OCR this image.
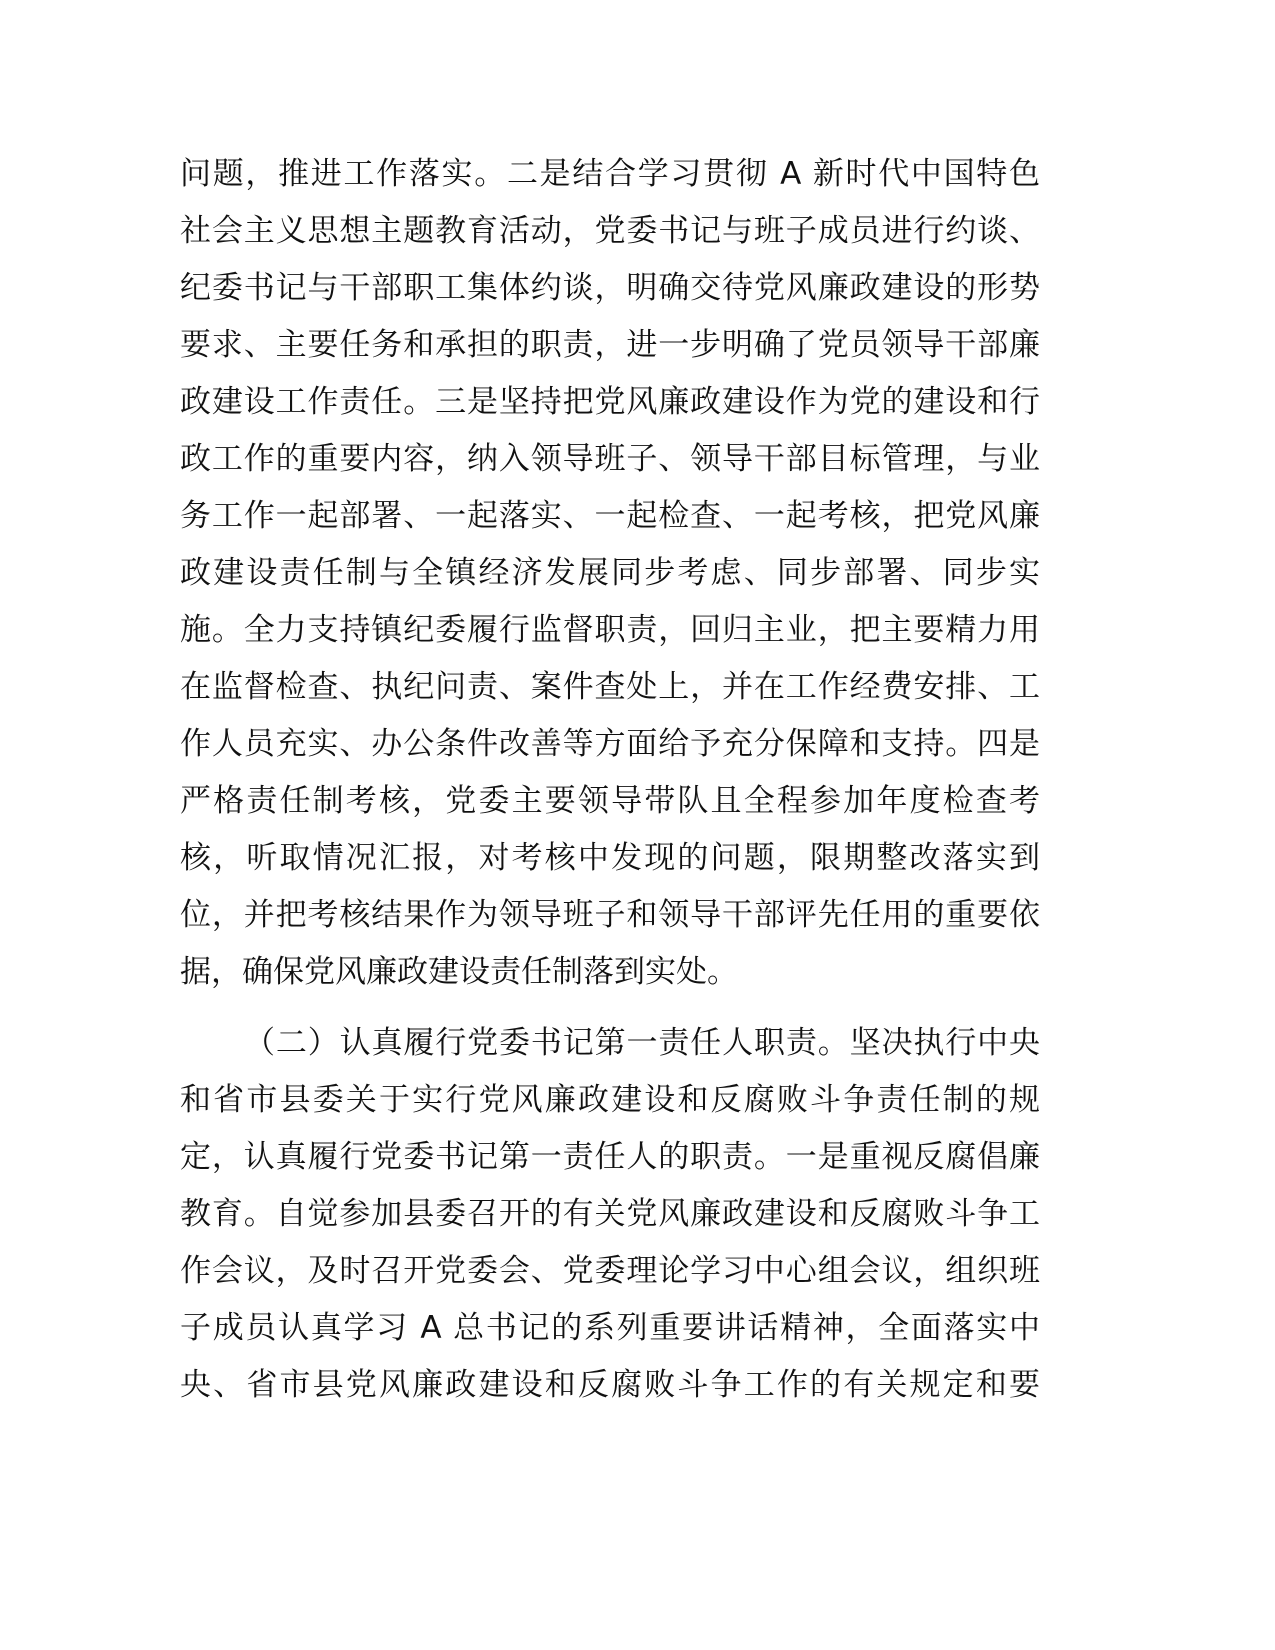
问题，推进工作落实。二是结合学习贯彻 A 新时代中国特色
社会主义思想主题教育活动，党委书记与班子成员进行约谈、
纪委书记与干部职工集体约谈，明确交待党风廉政建设的形势
要求、主要任务和承担的职责，进一步明确了党员领导干部廉
政建设工作责任。三是坚持把党风廉政建设作为党的建设和行
政工作的重要内容，纳入领导班子、领导干部目标管理，与业
务工作一起部署、一起落实、一起检查、一起考核，把党风廉
政建设责任制与全镇经济发展同步考虑、同步部署、同步实
施。全力支持镇纪委履行监督职责，回归主业，把主要精力用
在监督检查、执纪问责、案件查处上，并在工作经费安排、工
作人员充实、办公条件改善等方面给予充分保障和支持。四是
严格责任制考核，党委主要领导带队且全程参加年度检查考
核，听取情况汇报，对考核中发现的问题，限期整改落实到
位，并把考核结果作为领导班子和领导干部评先任用的重要依
据，确保党风廉政建设责任制落到实处。
（二）认真履行党委书记第一责任人职责。坚决执行中央
和省市县委关于实行党风廉政建设和反腐败斗争责任制的规
定，认真履行党委书记第一责任人的职责。一是重视反腐倡廉
教育。自觉参加县委召开的有关党风廉政建设和反腐败斗争工
作会议，及时召开党委会、党委理论学习中心组会议，组织班
子成员认真学习 A 总书记的系列重要讲话精神，全面落实中
央、省市县党风廉政建设和反腐败斗争工作的有关规定和要
